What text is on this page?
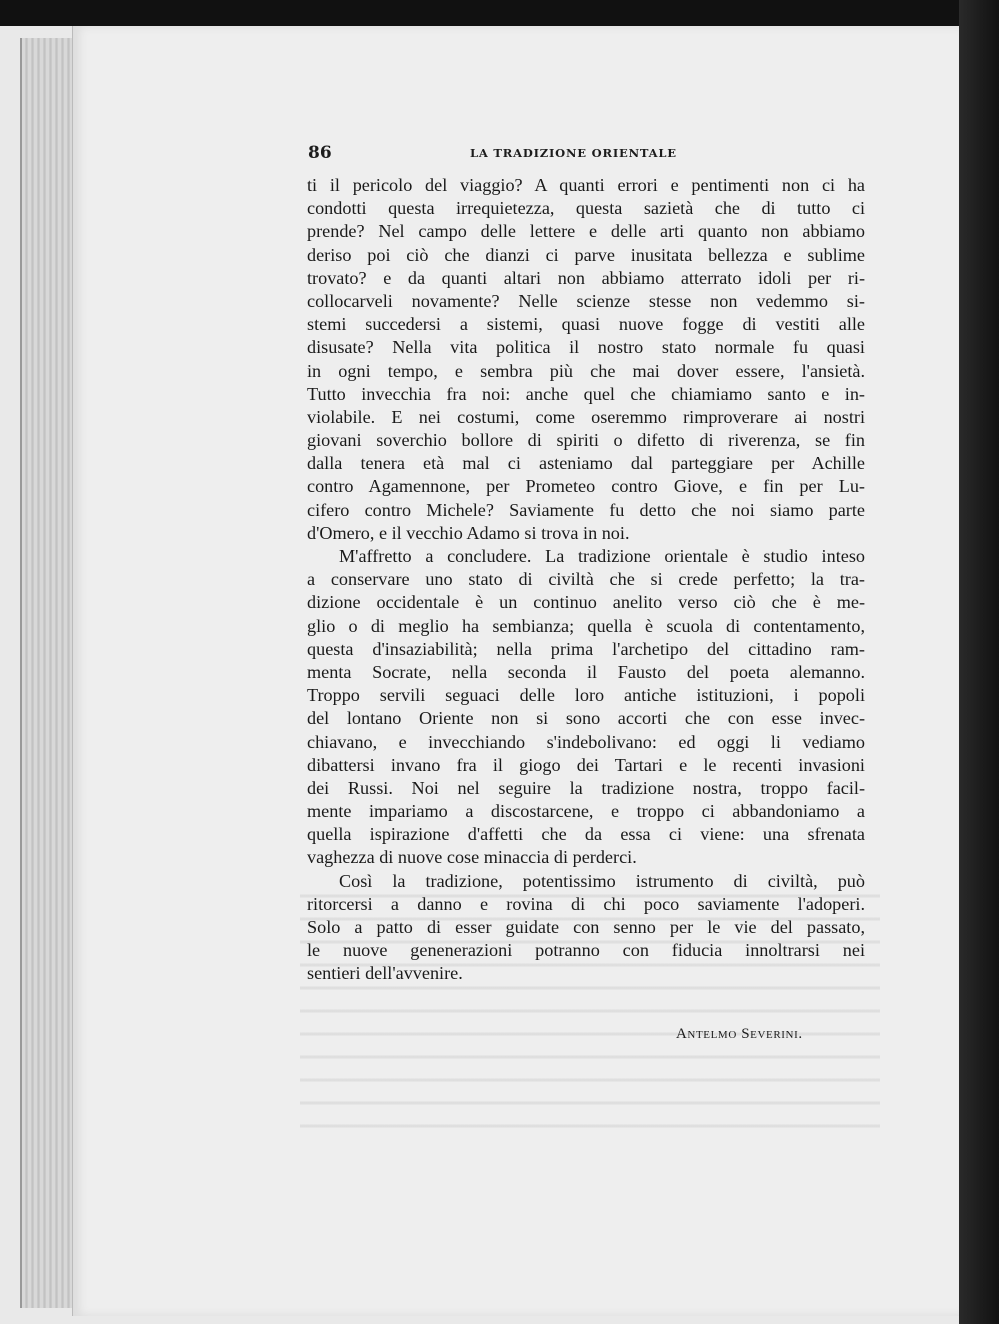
86	LA TRADIZIONE ORIENTALE
ti il pericolo del viaggio? A quanti errori e pentimenti non ci ha
condotti questa irrequietezza, questa sazietà che di tutto ci
prende? Nel campo delle lettere e delle arti quanto non abbiamo
deriso poi ciò che dianzi ci parve inusitata bellezza e sublime
trovato? e da quanti altari non abbiamo atterrato idoli per ri-
collocarveli novamente? Nelle scienze stesse non vedemmo si-
stemi succedersi a sistemi, quasi nuove fogge di vestiti alle
disusate? Nella vita politica il nostro stato normale fu quasi
in ogni tempo, e sembra più che mai dover essere, l'ansietà.
Tutto invecchia fra noi: anche quel che chiamiamo santo e in-
violabile. E nei costumi, come oseremmo rimproverare ai nostri
giovani soverchio bollore di spiriti o difetto di riverenza, se fin
dalla tenera età mal ci asteniamo dal parteggiare per Achille
contro Agamennone, per Prometeo contro Giove, e fin per Lu-
cifero contro Michele? Saviamente fu detto che noi siamo parte
d'Omero, e il vecchio Adamo si trova in noi.
M'affretto a concludere. La tradizione orientale è studio inteso
a conservare uno stato di civiltà che si crede perfetto; la tra-
dizione occidentale è un continuo anelito verso ciò che è me-
glio o di meglio ha sembianza; quella è scuola di contentamento,
questa d'insaziabilità; nella prima l'archetipo del cittadino ram-
menta Socrate, nella seconda il Fausto del poeta alemanno.
Troppo servili seguaci delle loro antiche istituzioni, i popoli
del lontano Oriente non si sono accorti che con esse invec-
chiavano, e invecchiando s'indebolivano: ed oggi li vediamo
dibattersi invano fra il giogo dei Tartari e le recenti invasioni
dei Russi. Noi nel seguire la tradizione nostra, troppo facil-
mente impariamo a discostarcene, e troppo ci abbandoniamo a
quella ispirazione d'affetti che da essa ci viene: una sfrenata
vaghezza di nuove cose minaccia di perderci.
Così la tradizione, potentissimo istrumento di civiltà, può
ritorcersi a danno e rovina di chi poco saviamente l'adoperi.
Solo a patto di esser guidate con senno per le vie del passato,
le nuove genenerazioni potranno con fiducia innoltrarsi nei
sentieri dell'avvenire.
Antelmo Severini.
